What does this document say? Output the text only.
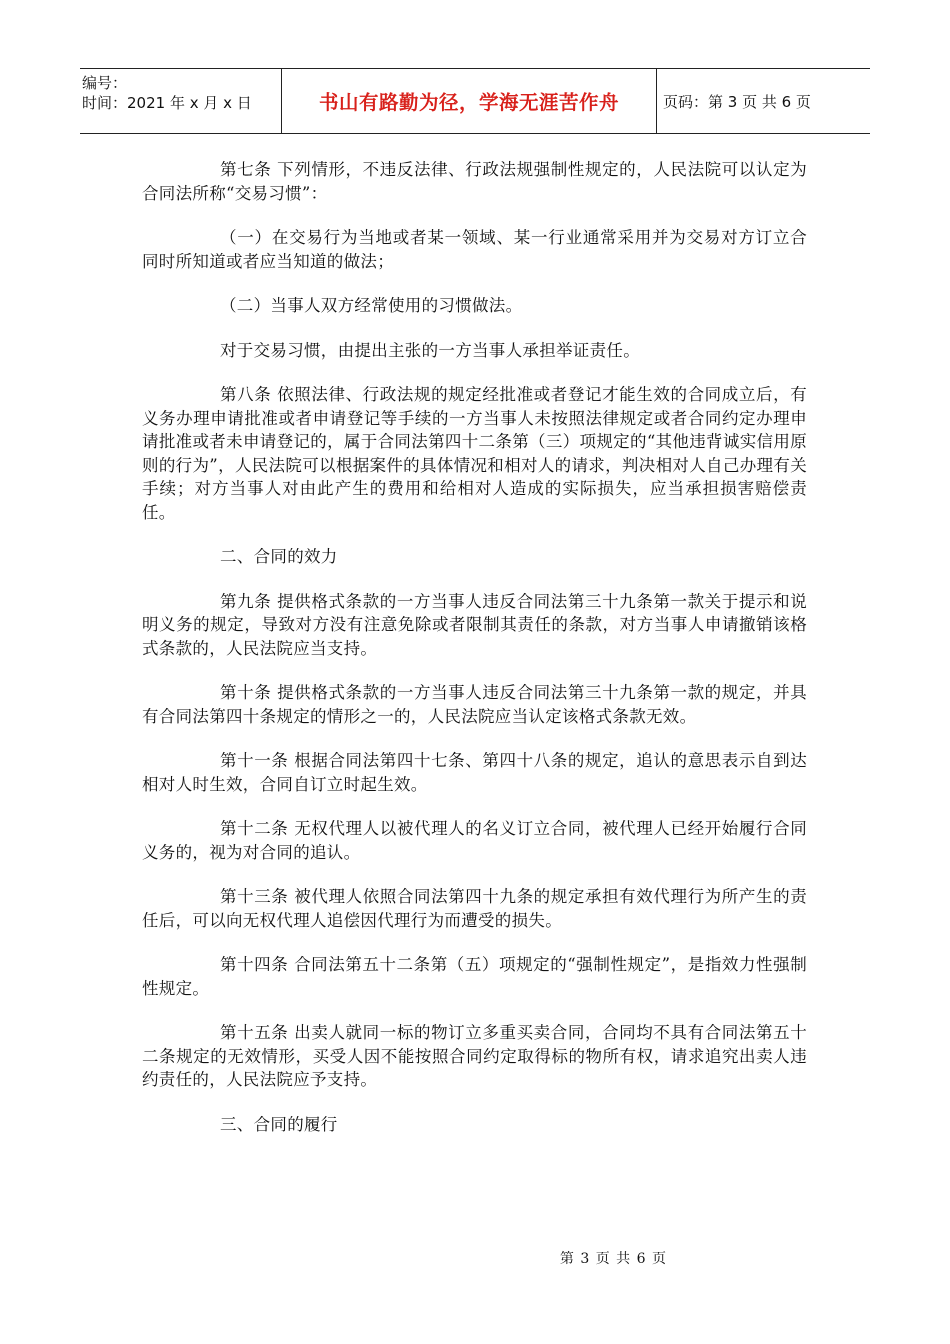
编号：
时间：2021 年 x 月 x 日	书山有路勤为径，学海无涯苦作舟	页码：第 3 页 共 6 页

第七条 下列情形，不违反法律、行政法规强制性规定的，人民法院可以认定为合同法所称“交易习惯”：

（一）在交易行为当地或者某一领域、某一行业通常采用并为交易对方订立合同时所知道或者应当知道的做法；

（二）当事人双方经常使用的习惯做法。

对于交易习惯，由提出主张的一方当事人承担举证责任。

第八条 依照法律、行政法规的规定经批准或者登记才能生效的合同成立后，有义务办理申请批准或者申请登记等手续的一方当事人未按照法律规定或者合同约定办理申请批准或者未申请登记的，属于合同法第四十二条第（三）项规定的“其他违背诚实信用原则的行为”，人民法院可以根据案件的具体情况和相对人的请求，判决相对人自己办理有关手续；对方当事人对由此产生的费用和给相对人造成的实际损失，应当承担损害赔偿责任。

二、合同的效力

第九条 提供格式条款的一方当事人违反合同法第三十九条第一款关于提示和说明义务的规定，导致对方没有注意免除或者限制其责任的条款，对方当事人申请撤销该格式条款的，人民法院应当支持。

第十条 提供格式条款的一方当事人违反合同法第三十九条第一款的规定，并具有合同法第四十条规定的情形之一的，人民法院应当认定该格式条款无效。

第十一条 根据合同法第四十七条、第四十八条的规定，追认的意思表示自到达相对人时生效，合同自订立时起生效。

第十二条 无权代理人以被代理人的名义订立合同，被代理人已经开始履行合同义务的，视为对合同的追认。

第十三条 被代理人依照合同法第四十九条的规定承担有效代理行为所产生的责任后，可以向无权代理人追偿因代理行为而遭受的损失。

第十四条 合同法第五十二条第（五）项规定的“强制性规定”，是指效力性强制性规定。

第十五条 出卖人就同一标的物订立多重买卖合同，合同均不具有合同法第五十二条规定的无效情形，买受人因不能按照合同约定取得标的物所有权，请求追究出卖人违约责任的，人民法院应予支持。

三、合同的履行

第 3 页 共 6 页
